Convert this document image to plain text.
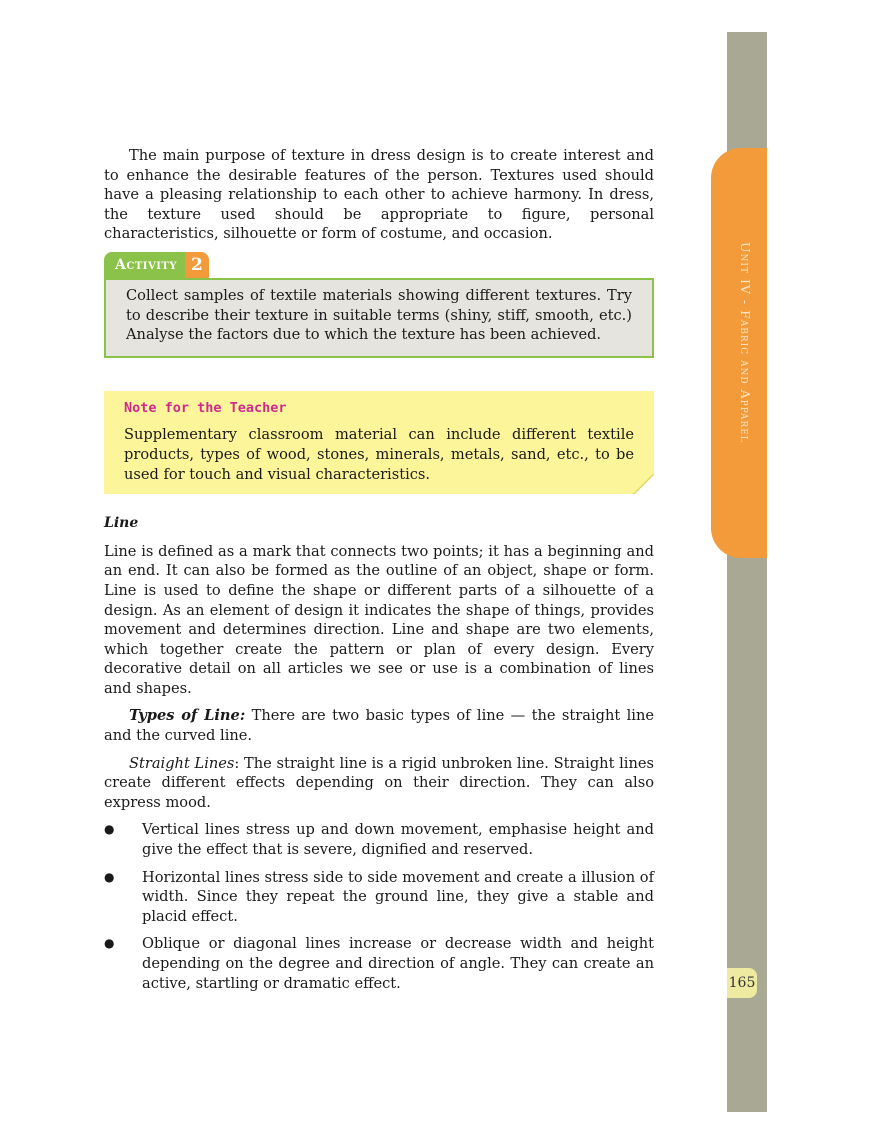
Unit IV - Fabric and Apparel
165

The main purpose of texture in dress design is to create interest and to enhance the desirable features of the person. Textures used should have a pleasing relationship to each other to achieve harmony. In dress, the texture used should be appropriate to figure, personal characteristics, silhouette or form of costume, and occasion.

Activity 2

Collect samples of textile materials showing different textures. Try to describe their texture in suitable terms (shiny, stiff, smooth, etc.) Analyse the factors due to which the texture has been achieved.

Note for the Teacher

Supplementary classroom material can include different textile products, types of wood, stones, minerals, metals, sand, etc., to be used for touch and visual characteristics.

Line

Line is defined as a mark that connects two points; it has a beginning and an end. It can also be formed as the outline of an object, shape or form. Line is used to define the shape or different parts of a silhouette of a design. As an element of design it indicates the shape of things, provides movement and determines direction. Line and shape are two elements, which together create the pattern or plan of every design. Every decorative detail on all articles we see or use is a combination of lines and shapes.

Types of Line: There are two basic types of line — the straight line and the curved line.

Straight Lines: The straight line is a rigid unbroken line. Straight lines create different effects depending on their direction. They can also express mood.

● Vertical lines stress up and down movement, emphasise height and give the effect that is severe, dignified and reserved.
● Horizontal lines stress side to side movement and create a illusion of width. Since they repeat the ground line, they give a stable and placid effect.
● Oblique or diagonal lines increase or decrease width and height depending on the degree and direction of angle. They can create an active, startling or dramatic effect.
